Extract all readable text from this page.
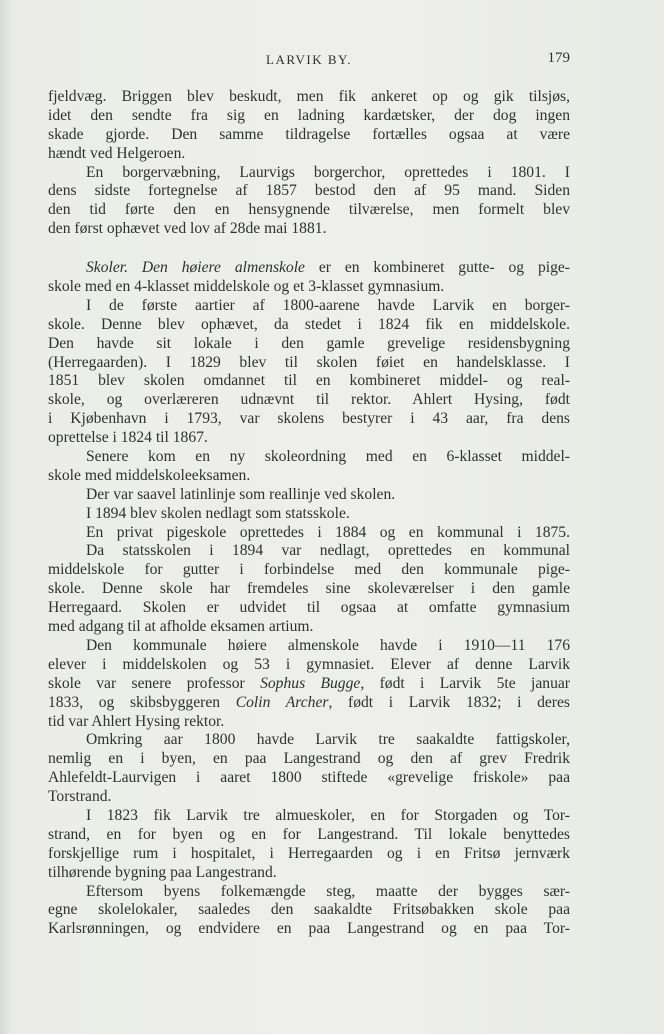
LARVIK BY.	179
fjeldvæg. Briggen blev beskudt, men fik ankeret op og gik tilsjøs,
idet den sendte fra sig en ladning kardætsker, der dog ingen
skade gjorde. Den samme tildragelse fortælles ogsaa at være
hændt ved Helgeroen.
En borgervæbning, Laurvigs borgerchor, oprettedes i 1801. I
dens sidste fortegnelse af 1857 bestod den af 95 mand. Siden
den tid førte den en hensygnende tilværelse, men formelt blev
den først ophævet ved lov af 28de mai 1881.
Skoler. Den høiere almenskole er en kombineret gutte- og pige-
skole med en 4-klasset middelskole og et 3-klasset gymnasium.
I de første aartier af 1800-aarene havde Larvik en borger-
skole. Denne blev ophævet, da stedet i 1824 fik en middelskole.
Den havde sit lokale i den gamle grevelige residensbygning
(Herregaarden). I 1829 blev til skolen føiet en handelsklasse. I
1851 blev skolen omdannet til en kombineret middel- og real-
skole, og overlæreren udnævnt til rektor. Ahlert Hysing, født
i Kjøbenhavn i 1793, var skolens bestyrer i 43 aar, fra dens
oprettelse i 1824 til 1867.
Senere kom en ny skoleordning med en 6-klasset middel-
skole med middelskoleeksamen.
Der var saavel latinlinje som reallinje ved skolen.
I 1894 blev skolen nedlagt som statsskole.
En privat pigeskole oprettedes i 1884 og en kommunal i 1875.
Da statsskolen i 1894 var nedlagt, oprettedes en kommunal
middelskole for gutter i forbindelse med den kommunale pige-
skole. Denne skole har fremdeles sine skoleværelser i den gamle
Herregaard. Skolen er udvidet til ogsaa at omfatte gymnasium
med adgang til at afholde eksamen artium.
Den kommunale høiere almenskole havde i 1910—11 176
elever i middelskolen og 53 i gymnasiet. Elever af denne Larvik
skole var senere professor Sophus Bugge, født i Larvik 5te januar
1833, og skibsbyggeren Colin Archer, født i Larvik 1832; i deres
tid var Ahlert Hysing rektor.
Omkring aar 1800 havde Larvik tre saakaldte fattigskoler,
nemlig en i byen, en paa Langestrand og den af grev Fredrik
Ahlefeldt-Laurvigen i aaret 1800 stiftede «grevelige friskole» paa
Torstrand.
I 1823 fik Larvik tre almueskoler, en for Storgaden og Tor-
strand, en for byen og en for Langestrand. Til lokale benyttedes
forskjellige rum i hospitalet, i Herregaarden og i en Fritsø jernværk
tilhørende bygning paa Langestrand.
Eftersom byens folkemængde steg, maatte der bygges sær-
egne skolelokaler, saaledes den saakaldte Fritsøbakken skole paa
Karlsrønningen, og endvidere en paa Langestrand og en paa Tor-
